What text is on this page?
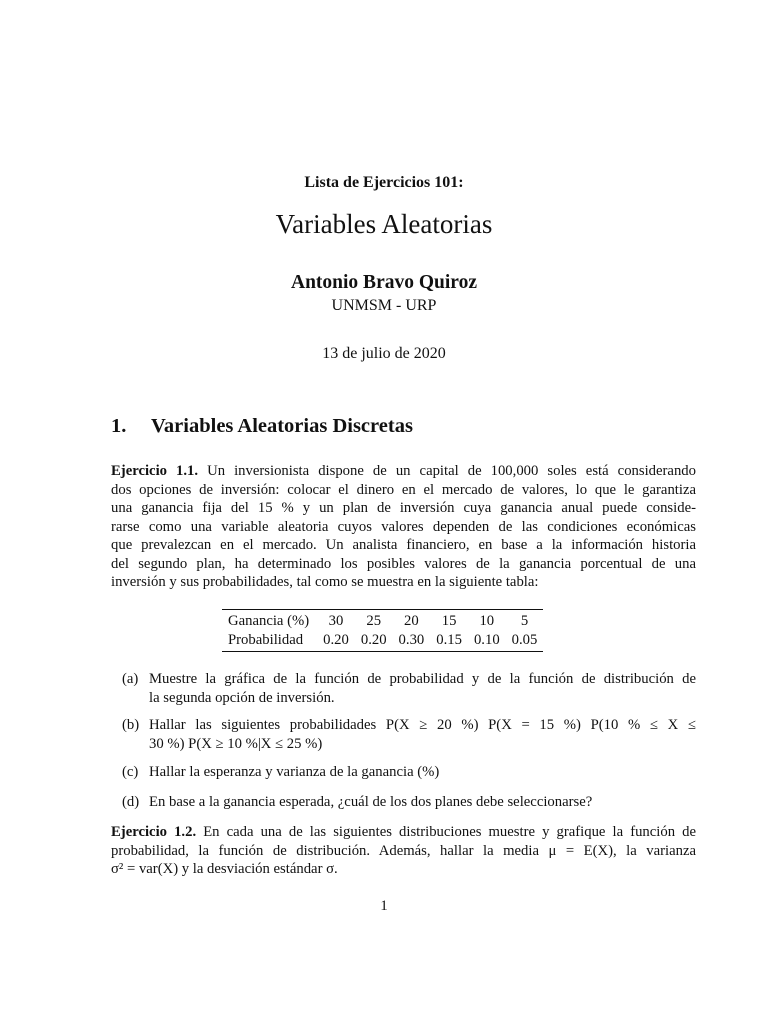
Lista de Ejercicios 101:
Variables Aleatorias
Antonio Bravo Quiroz
UNMSM - URP
13 de julio de 2020
1. Variables Aleatorias Discretas
Ejercicio 1.1. Un inversionista dispone de un capital de 100,000 soles está considerando
dos opciones de inversión: colocar el dinero en el mercado de valores, lo que le garantiza
una ganancia fija del 15 % y un plan de inversión cuya ganancia anual puede conside-
rarse como una variable aleatoria cuyos valores dependen de las condiciones económicas
que prevalezcan en el mercado. Un analista financiero, en base a la información historia
del segundo plan, ha determinado los posibles valores de la ganancia porcentual de una
inversión y sus probabilidades, tal como se muestra en la siguiente tabla:
Ganancia (%)	30	25	20	15	10	5
Probabilidad	0.20	0.20	0.30	0.15	0.10	0.05
(a) Muestre la gráfica de la función de probabilidad y de la función de distribución de
la segunda opción de inversión.
(b) Hallar las siguientes probabilidades P(X ≥ 20 %) P(X = 15 %) P(10 % ≤ X ≤
30 %) P(X ≥ 10 %|X ≤ 25 %)
(c) Hallar la esperanza y varianza de la ganancia (%)
(d) En base a la ganancia esperada, ¿cuál de los dos planes debe seleccionarse?
Ejercicio 1.2. En cada una de las siguientes distribuciones muestre y grafique la función de
probabilidad, la función de distribución. Además, hallar la media μ = E(X), la varianza
σ² = var(X) y la desviación estándar σ.
1
